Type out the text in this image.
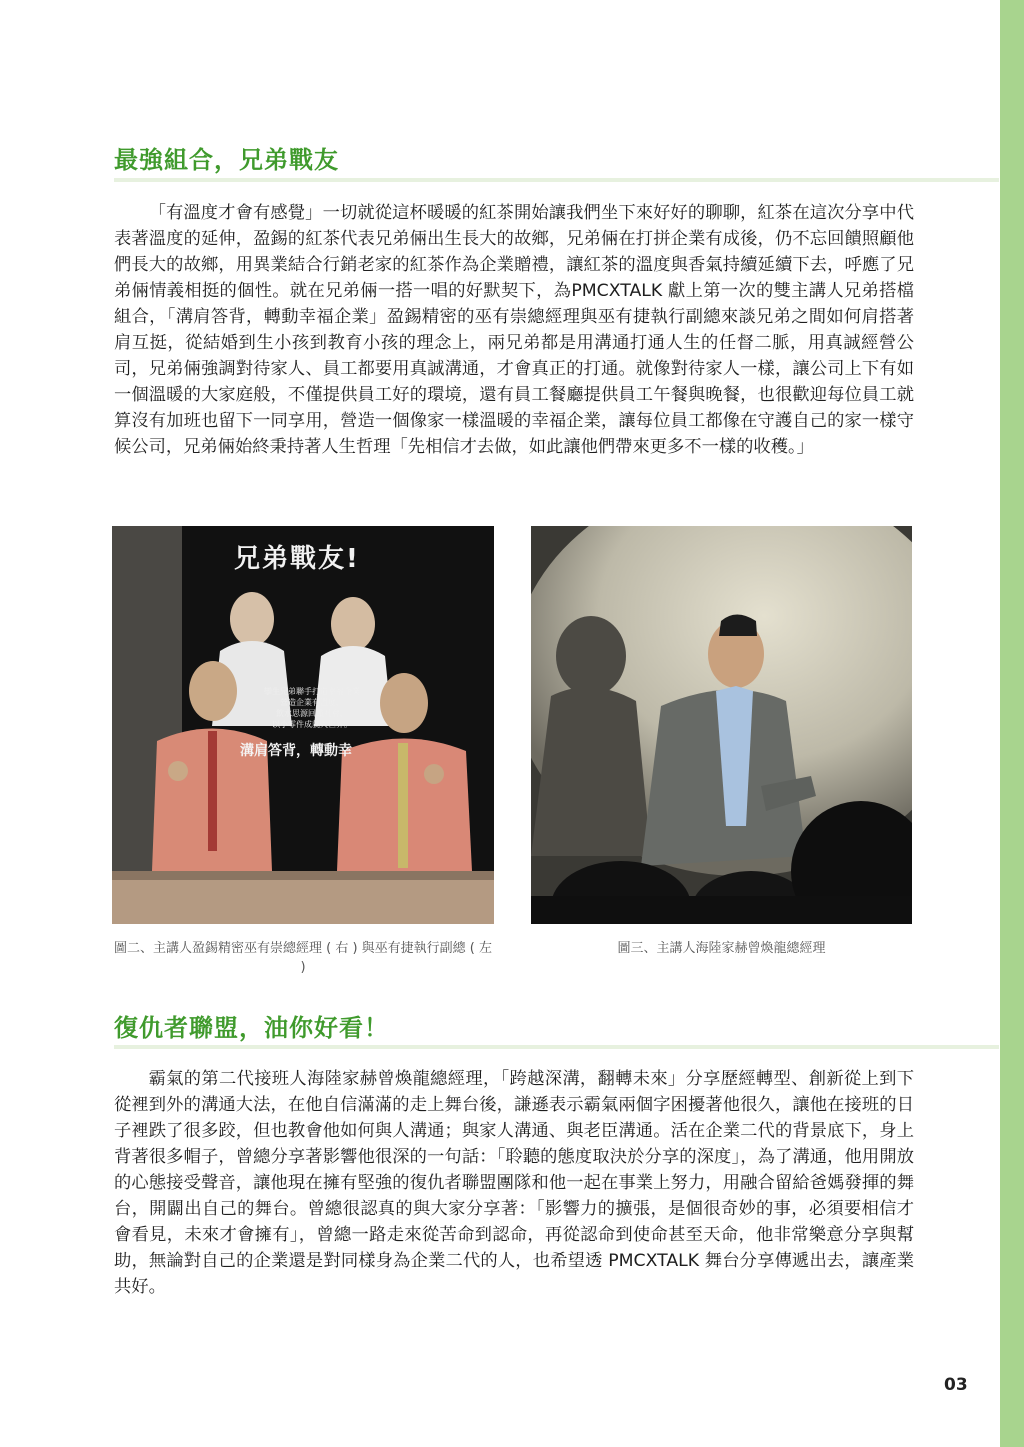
最強組合，兄弟戰友

「有溫度才會有感覺」一切就從這杯暖暖的紅茶開始讓我們坐下來好好的聊聊，紅茶在這次分享中代表著溫度的延伸，盈錫的紅茶代表兄弟倆出生長大的故鄉，兄弟倆在打拼企業有成後，仍不忘回饋照顧他們長大的故鄉，用異業結合行銷老家的紅茶作為企業贈禮，讓紅茶的溫度與香氣持續延續下去，呼應了兄弟倆情義相挺的個性。就在兄弟倆一搭一唱的好默契下，為PMCXTALK 獻上第一次的雙主講人兄弟搭檔組合，「溝肩答背，轉動幸福企業」盈錫精密的巫有崇總經理與巫有捷執行副總來談兄弟之間如何肩搭著肩互挺，從結婚到生小孩到教育小孩的理念上，兩兄弟都是用溝通打通人生的任督二脈，用真誠經營公司，兄弟倆強調對待家人、員工都要用真誠溝通，才會真正的打通。就像對待家人一樣，讓公司上下有如一個溫暖的大家庭般，不僅提供員工好的環境，還有員工餐廳提供員工午餐與晚餐，也很歡迎每位員工就算沒有加班也留下一同享用，營造一個像家一樣溫暖的幸福企業，讓每位員工都像在守護自己的家一樣守候公司，兄弟倆始終秉持著人生哲理「先相信才去做，如此讓他們帶來更多不一樣的收穫。」

兄弟戰友!
孿生兄弟聯手打造幸福企業
營造企業有溫度，
飲水思源回饋社會，
以小零件成就大世界。
溝肩答背，轉動幸

圖二、主講人盈錫精密巫有崇總經理 ( 右 ) 與巫有捷執行副總 ( 左 )

圖三、主講人海陸家赫曾煥龍總經理

復仇者聯盟，油你好看！

霸氣的第二代接班人海陸家赫曾煥龍總經理，「跨越深溝，翻轉未來」分享歷經轉型、創新從上到下從裡到外的溝通大法，在他自信滿滿的走上舞台後，謙遜表示霸氣兩個字困擾著他很久，讓他在接班的日子裡跌了很多跤，但也教會他如何與人溝通；與家人溝通、與老臣溝通。活在企業二代的背景底下，身上背著很多帽子，曾總分享著影響他很深的一句話：「聆聽的態度取決於分享的深度」，為了溝通，他用開放的心態接受聲音，讓他現在擁有堅強的復仇者聯盟團隊和他一起在事業上努力，用融合留給爸媽發揮的舞台，開闢出自己的舞台。曾總很認真的與大家分享著：「影響力的擴張，是個很奇妙的事，必須要相信才會看見，未來才會擁有」，曾總一路走來從苦命到認命，再從認命到使命甚至天命，他非常樂意分享與幫助，無論對自己的企業還是對同樣身為企業二代的人，也希望透 PMCXTALK 舞台分享傳遞出去，讓產業共好。

03
